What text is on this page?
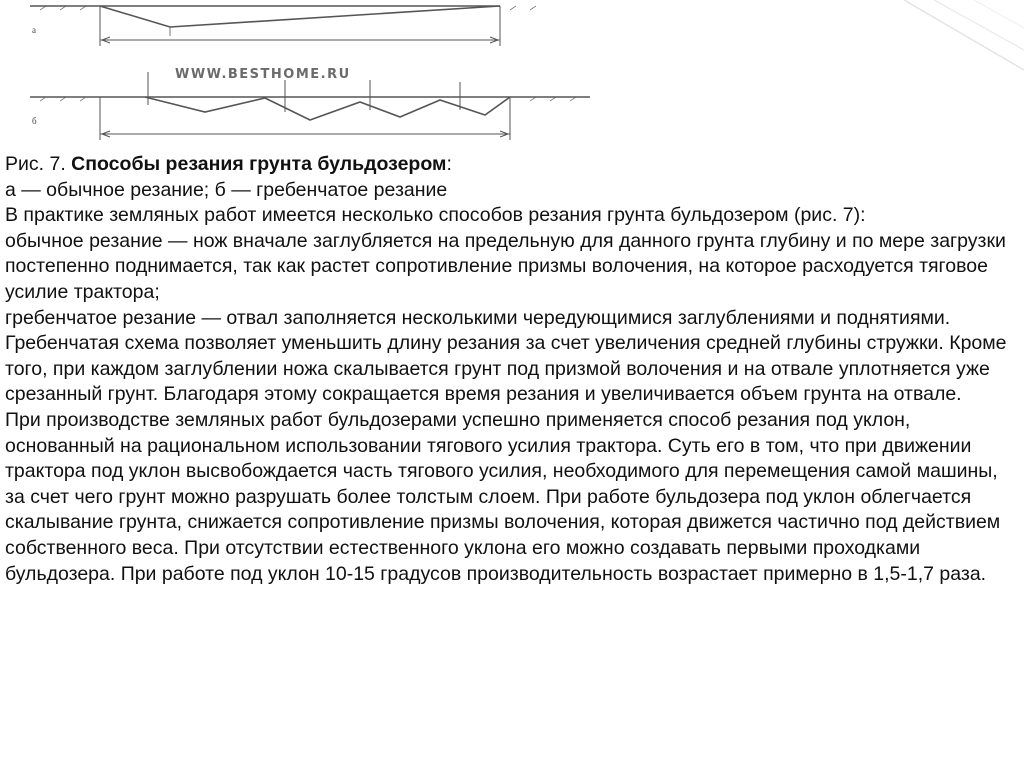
а
б
WWW.BESTHOME.RU

Рис. 7. Способы резания грунта бульдозером:

а — обычное резание; б — гребенчатое резание

В практике земляных работ имеется несколько способов резания грунта бульдозером (рис. 7):

обычное резание — нож вначале заглубляется на предельную для данного грунта глубину и по мере загрузки постепенно поднимается, так как растет сопротивление призмы волочения, на которое расходуется тяговое усилие трактора;

гребенчатое резание — отвал заполняется несколькими чередующимися заглублениями и поднятиями.

Гребенчатая схема позволяет уменьшить длину резания за счет увеличения средней глубины стружки. Кроме того, при каждом заглублении ножа скалывается грунт под призмой волочения и на отвале уплотняется уже срезанный грунт. Благодаря этому сокращается время резания и увеличивается объем грунта на отвале.

При производстве земляных работ бульдозерами успешно применяется способ резания под уклон, основанный на рациональном использовании тягового усилия трактора. Суть его в том, что при движении трактора под уклон высвобождается часть тягового усилия, необходимого для перемещения самой машины, за счет чего грунт можно разрушать более толстым слоем. При работе бульдозера под уклон облегчается скалывание грунта, снижается сопротивление призмы волочения, которая движется частично под действием собственного веса. При отсутствии естественного уклона его можно создавать первыми проходками бульдозера. При работе под уклон 10-15 градусов производительность возрастает примерно в 1,5-1,7 раза.
